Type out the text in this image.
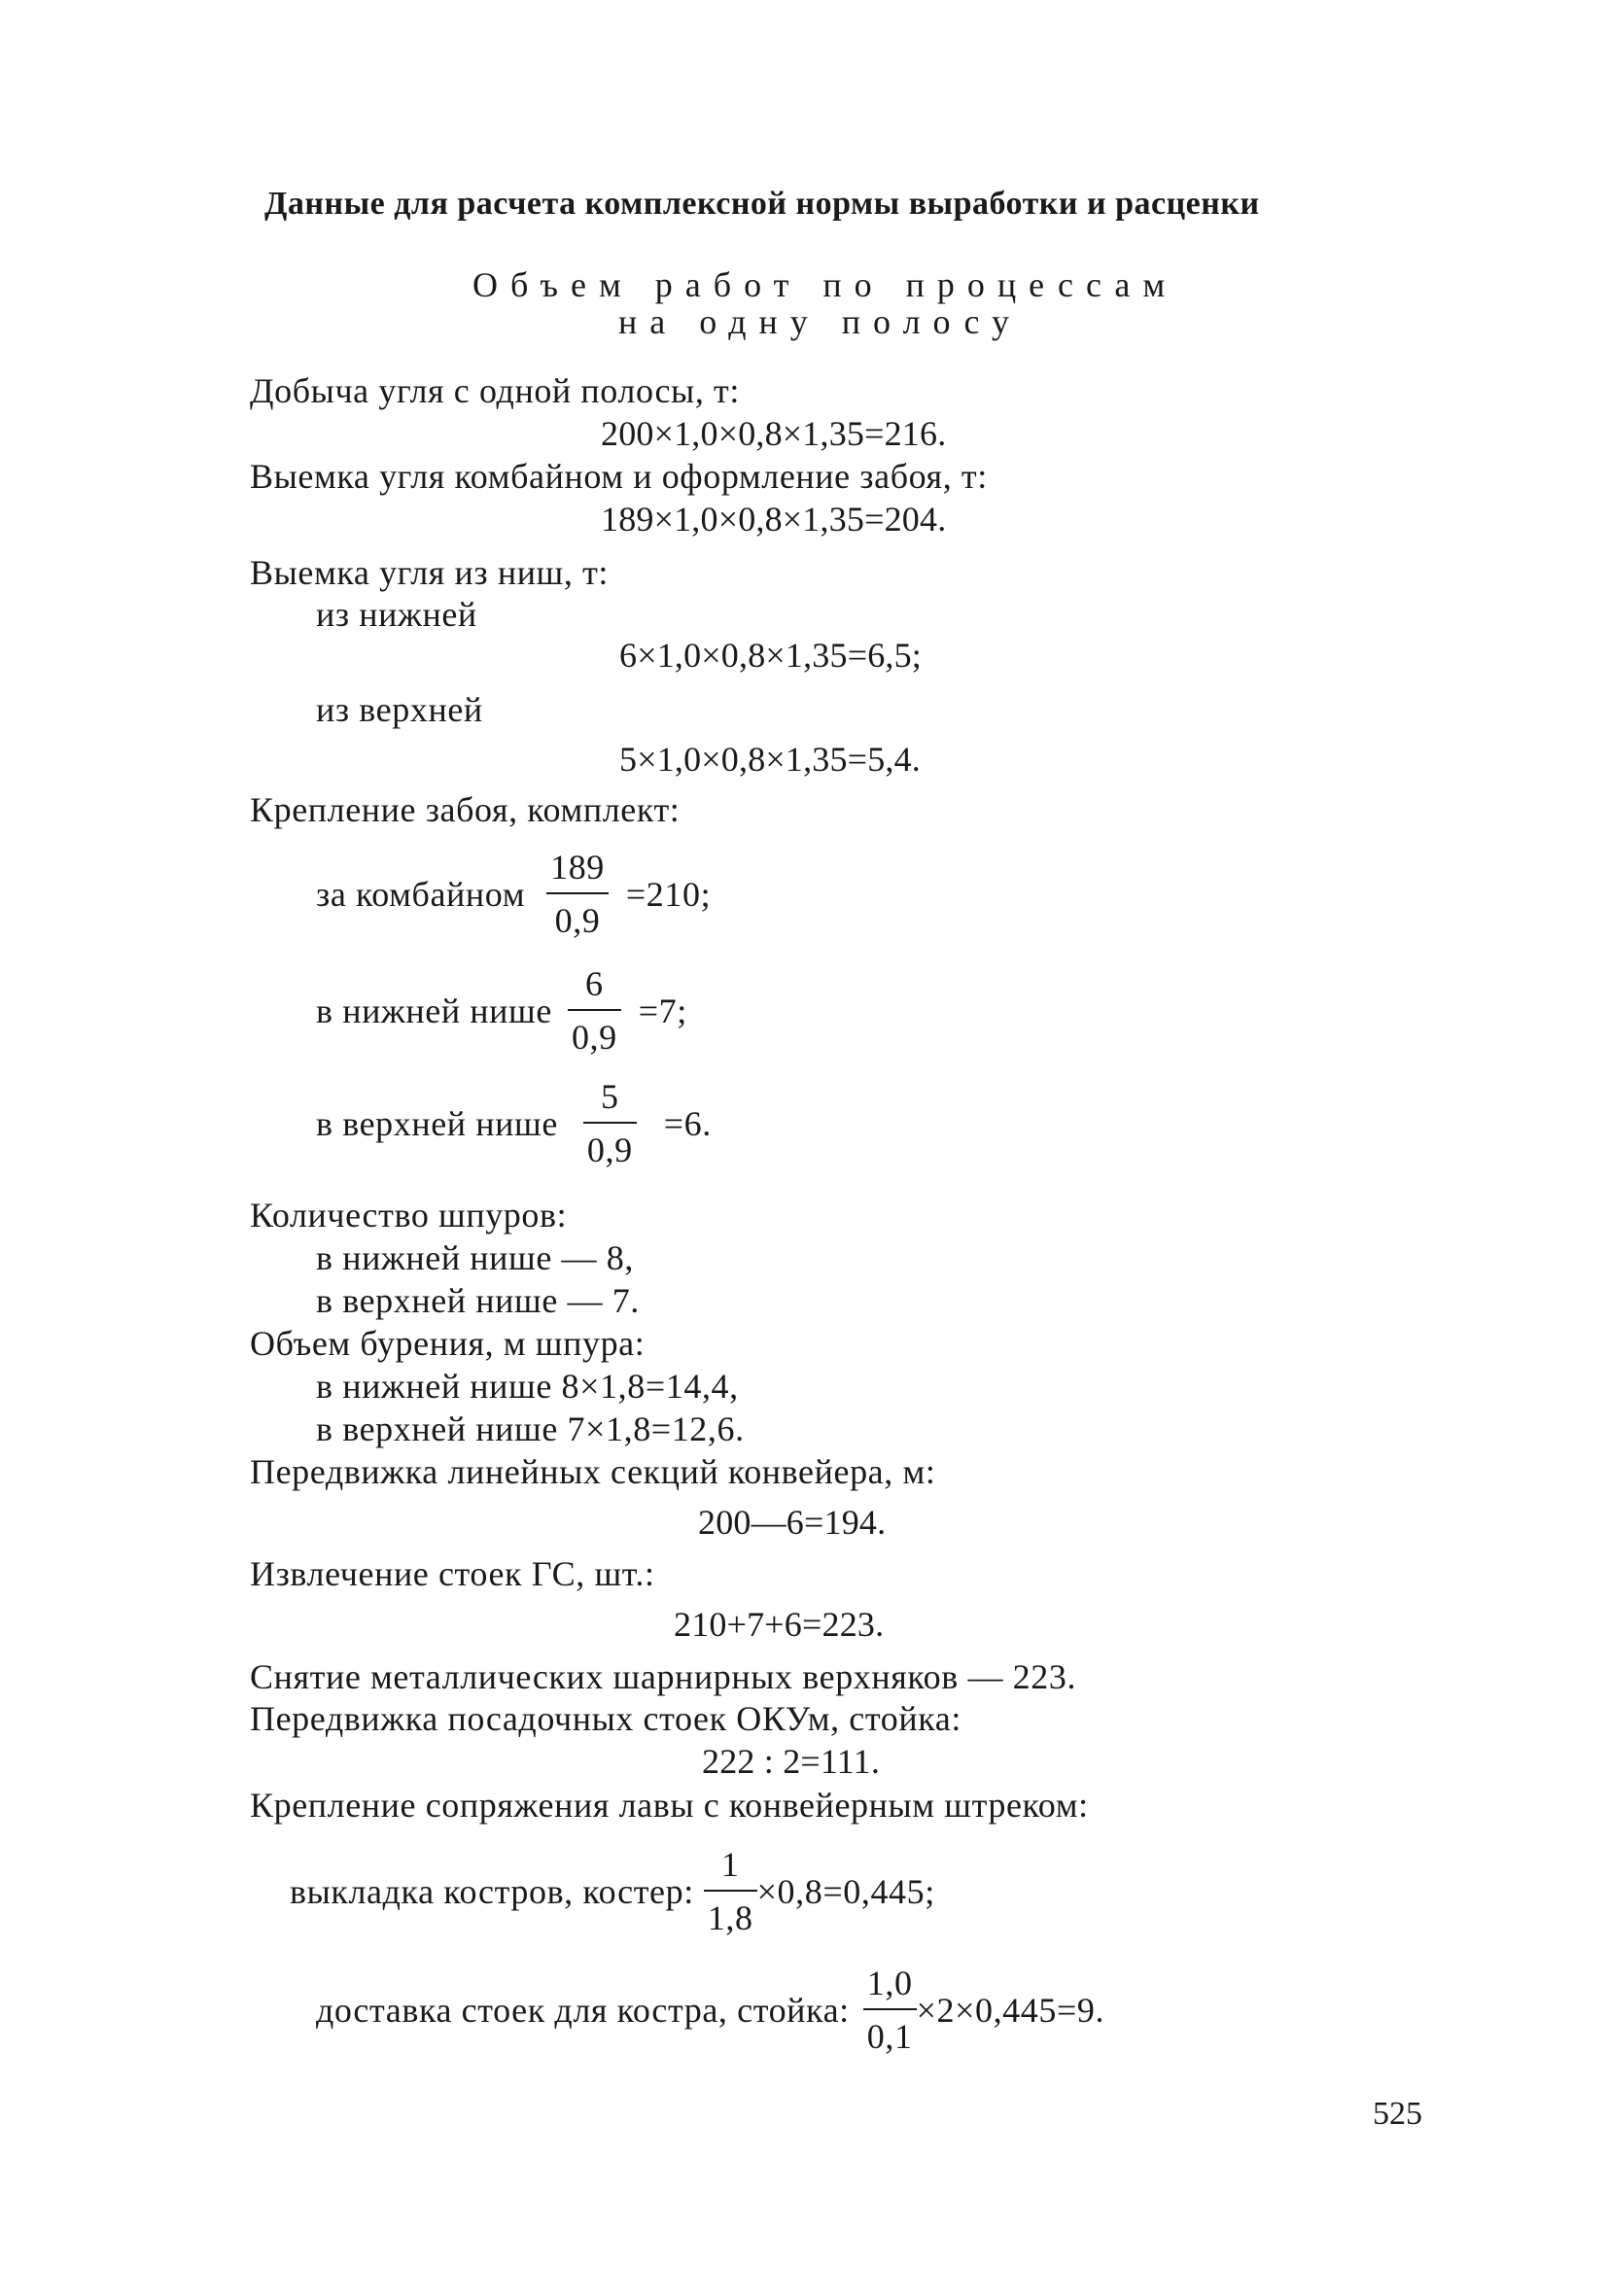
Данные для расчета комплексной нормы выработки и расценки
Объем работ по процессам
на одну полосу
Добыча угля с одной полосы, т:
200×1,0×0,8×1,35=216.
Выемка угля комбайном и оформление забоя, т:
189×1,0×0,8×1,35=204.
Выемка угля из ниш, т:
из нижней
6×1,0×0,8×1,35=6,5;
из верхней
5×1,0×0,8×1,35=5,4.
Крепление забоя, комплект:
за комбайном $\frac{189}{0,9} =210$;
в нижней нише $\frac{6}{0,9} =7$;
в верхней нише $\frac{5}{0,9} =6$.
Количество шпуров:
в нижней нише — 8,
в верхней нише — 7.
Объем бурения, м шпура:
в нижней нише 8×1,8=14,4,
в верхней нише 7×1,8=12,6.
Передвижка линейных секций конвейера, м:
200—6=194.
Извлечение стоек ГС, шт.:
210+7+6=223.
Снятие металлических шарнирных верхняков — 223.
Передвижка посадочных стоек ОКУм, стойка:
222 : 2=111.
Крепление сопряжения лавы с конвейерным штреком:
выкладка костров, костер: $\frac{1}{1,8} \times 0,8=0,445$;
доставка стоек для костра, стойка: $\frac{1,0}{0,1} \times 2\times 0,445=9$.
525
